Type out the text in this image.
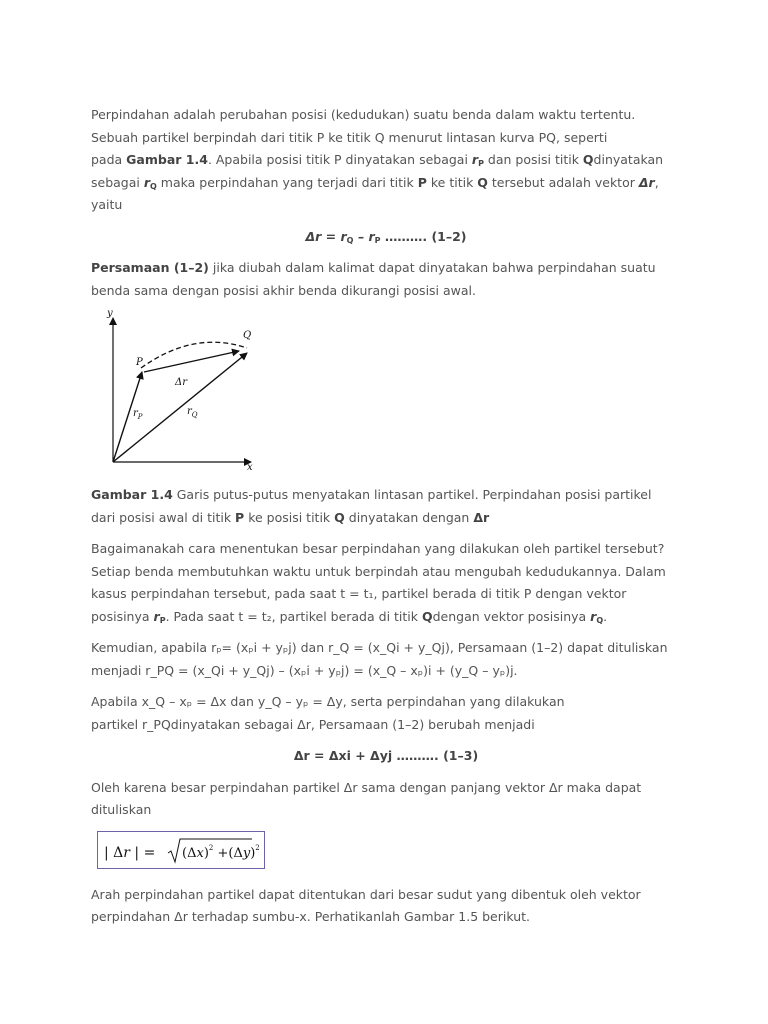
Perpindahan adalah perubahan posisi (kedudukan) suatu benda dalam waktu tertentu.

Sebuah partikel berpindah dari titik P ke titik Q menurut lintasan kurva PQ, seperti

pada Gambar 1.4. Apabila posisi titik P dinyatakan sebagai $r_P$ dan posisi titik Qdinyatakan

sebagai $r_Q$ maka perpindahan yang terjadi dari titik P ke titik Q tersebut adalah vektor Δr,

yaitu

$\Delta r = r_Q - r_P$ ………. (1–2)

Persamaan (1–2) jika diubah dalam kalimat dapat dinyatakan bahwa perpindahan suatu

benda sama dengan posisi akhir benda dikurangi posisi awal.

y
x
P
Q
Δr
$r_P$	$r_Q$

Gambar 1.4 Garis putus-putus menyatakan lintasan partikel. Perpindahan posisi partikel

dari posisi awal di titik P ke posisi titik Q dinyatakan dengan Δr

Bagaimanakah cara menentukan besar perpindahan yang dilakukan oleh partikel tersebut?

Setiap benda membutuhkan waktu untuk berpindah atau mengubah kedudukannya. Dalam

kasus perpindahan tersebut, pada saat t = t₁, partikel berada di titik P dengan vektor

posisinya $r_P$. Pada saat t = t₂, partikel berada di titik Qdengan vektor posisinya $r_Q$.

Kemudian, apabila rₚ= (xₚi + yₚj) dan r_Q = (x_Qi + y_Qj), Persamaan (1–2) dapat dituliskan

menjadi r_PQ = (x_Qi + y_Qj) – (xₚi + yₚj) = (x_Q – xₚ)i + (y_Q – yₚ)j.

Apabila x_Q – xₚ = Δx dan y_Q – yₚ = Δy, serta perpindahan yang dilakukan

partikel r_PQdinyatakan sebagai Δr, Persamaan (1–2) berubah menjadi

Δr = Δxi + Δyj ………. (1–3)

Oleh karena besar perpindahan partikel Δr sama dengan panjang vektor Δr maka dapat

dituliskan

| Δr | = $(\Delta x)^2 +(\Delta y)^2$

Arah perpindahan partikel dapat ditentukan dari besar sudut yang dibentuk oleh vektor

perpindahan Δr terhadap sumbu-x. Perhatikanlah Gambar 1.5 berikut.
